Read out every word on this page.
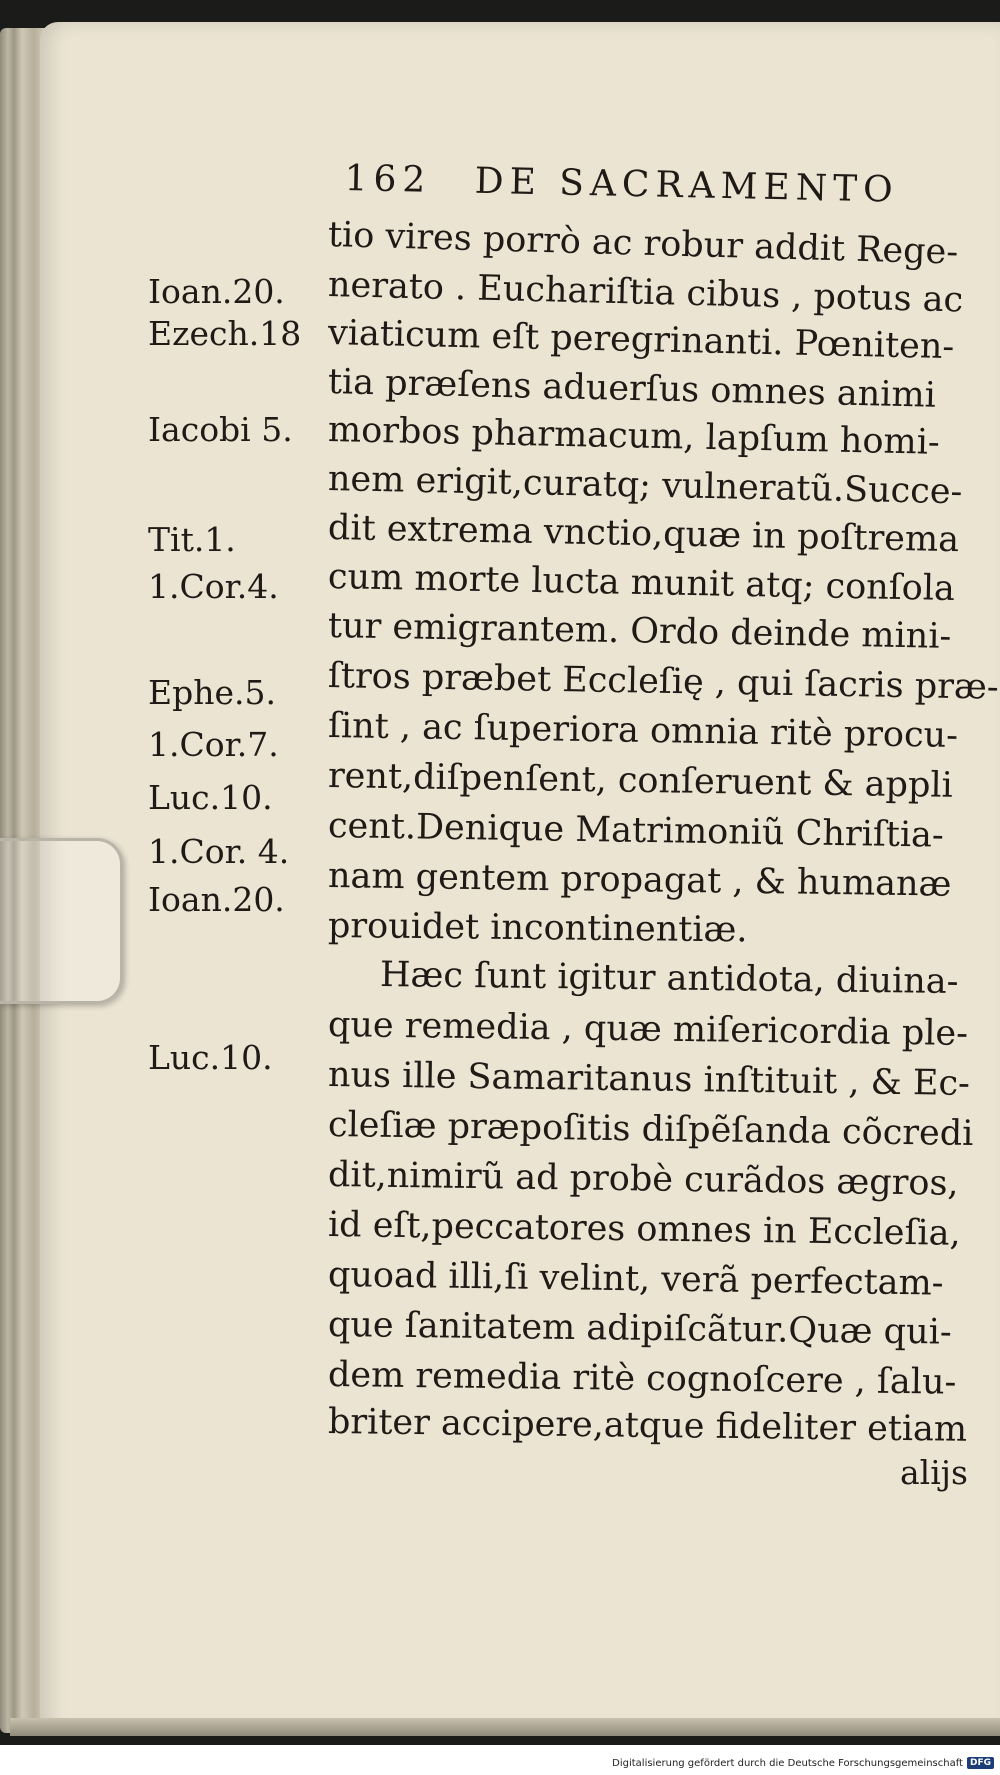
162 DE SACRAMENTO
Ioan.20.
Ezech.18
Iacobi 5.
Tit.1.
1.Cor.4.
Ephe.5.
1.Cor.7.
Luc.10.
1.Cor. 4.
Ioan.20.
Luc.10.
tio vires porrò ac robur addit Rege-
nerato . Euchariſtia cibus , potus ac
viaticum eſt peregrinanti. Pœniten-
tia præſens aduerſus omnes animi
morbos pharmacum, lapſum homi-
nem erigit,curatq; vulneratũ.Succe-
dit extrema vnctio,quæ in poſtrema
cum morte lucta munit atq; conſola
tur emigrantem. Ordo deinde mini-
ſtros præbet Eccleſię , qui ſacris præ-
ſint , ac ſuperiora omnia ritè procu-
rent,diſpenſent, conſeruent & appli
cent.Denique Matrimoniũ Chriſtia-
nam gentem propagat , & humanæ
prouidet incontinentiæ.
Hæc ſunt igitur antidota, diuina-
que remedia , quæ miſericordia ple-
nus ille Samaritanus inſtituit , & Ec-
cleſiæ præpoſitis diſpẽſanda cõcredi
dit,nimirũ ad probè curãdos ægros,
id eſt,peccatores omnes in Eccleſia,
quoad illi,ſi velint, verã perfectam-
que ſanitatem adipiſcãtur.Quæ qui-
dem remedia ritè cognoſcere , ſalu-
briter accipere,atque fideliter etiam
alijs
Digitalisierung gefördert durch die Deutsche Forschungsgemeinschaft DFG
